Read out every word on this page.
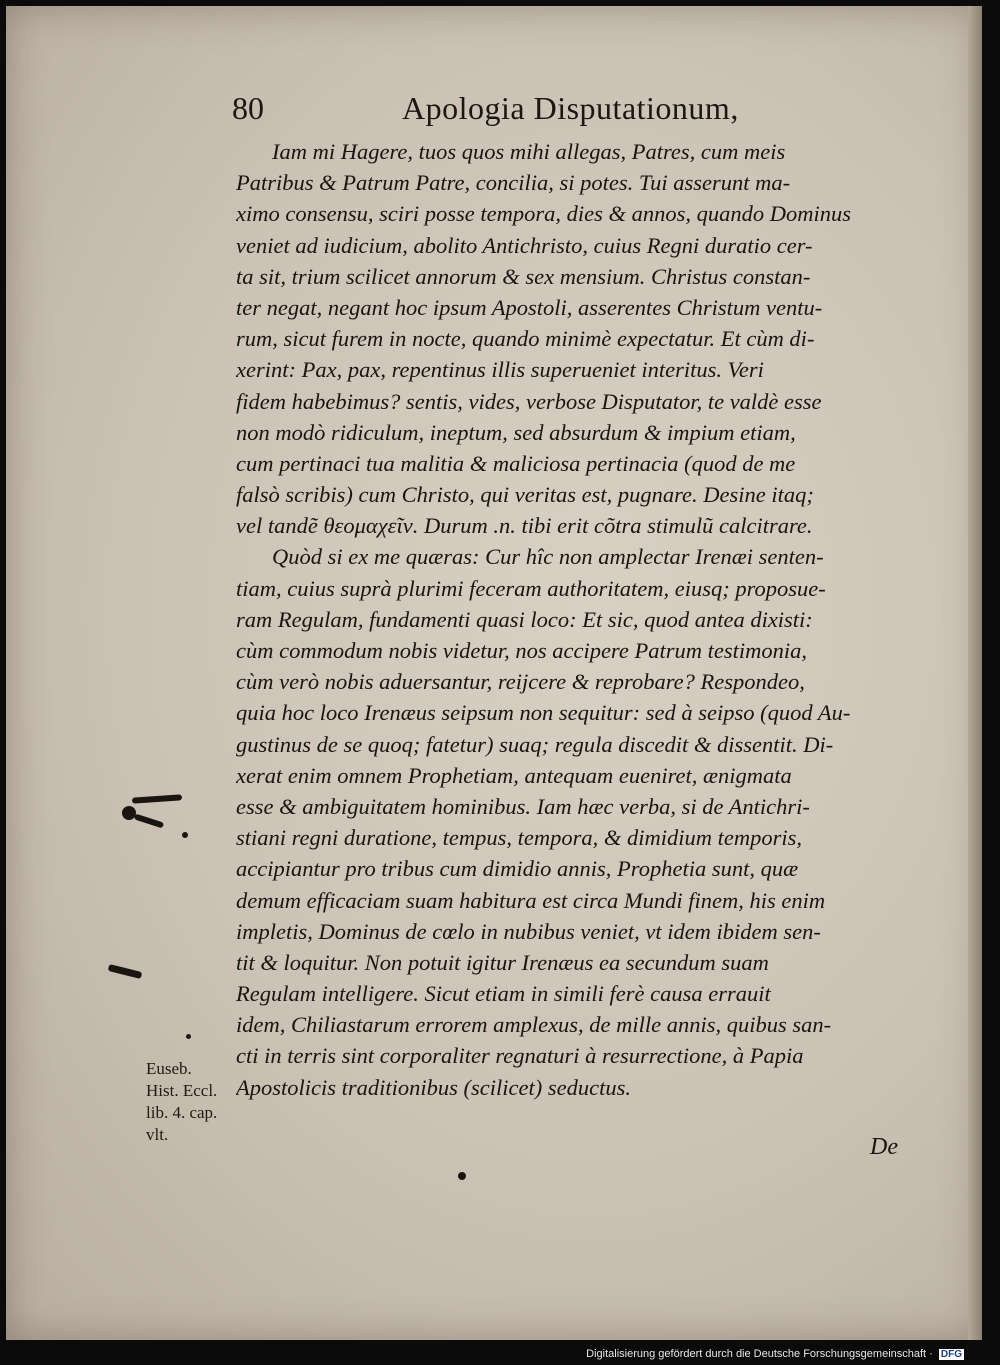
80	Apologia Disputationum,
Iam mi Hagere, tuos quos mihi allegas, Patres, cum meis
Patribus & Patrum Patre, concilia, si potes. Tui asserunt ma-
ximo consensu, sciri posse tempora, dies & annos, quando Dominus
veniet ad iudicium, abolito Antichristo, cuius Regni duratio cer-
ta sit, trium scilicet annorum & sex mensium. Christus constan-
ter negat, negant hoc ipsum Apostoli, asserentes Christum ventu-
rum, sicut furem in nocte, quando minimè expectatur. Et cùm di-
xerint: Pax, pax, repentinus illis superueniet interitus. Veri
fidem habebimus? sentis, vides, verbose Disputator, te valdè esse
non modò ridiculum, ineptum, sed absurdum & impium etiam,
cum pertinaci tua malitia & maliciosa pertinacia (quod de me
falsò scribis) cum Christo, qui veritas est, pugnare. Desine itaq;
vel tandẽ θεομαχεῖν. Durum .n. tibi erit cõtra stimulũ calcitrare.
Quòd si ex me quæras: Cur hîc non amplectar Irenæi senten-
tiam, cuius suprà plurimi feceram authoritatem, eiusq; proposue-
ram Regulam, fundamenti quasi loco: Et sic, quod antea dixisti:
cùm commodum nobis videtur, nos accipere Patrum testimonia,
cùm verò nobis aduersantur, reijcere & reprobare? Respondeo,
quia hoc loco Irenæus seipsum non sequitur: sed à seipso (quod Au-
gustinus de se quoq; fatetur) suaq; regula discedit & dissentit. Di-
xerat enim omnem Prophetiam, antequam eueniret, ænigmata
esse & ambiguitatem hominibus. Iam hæc verba, si de Antichri-
stiani regni duratione, tempus, tempora, & dimidium temporis,
accipiantur pro tribus cum dimidio annis, Prophetia sunt, quæ
demum efficaciam suam habitura est circa Mundi finem, his enim
impletis, Dominus de cœlo in nubibus veniet, vt idem ibidem sen-
tit & loquitur. Non potuit igitur Irenæus ea secundum suam
Regulam intelligere. Sicut etiam in simili ferè causa errauit
idem, Chiliastarum errorem amplexus, de mille annis, quibus san-
cti in terris sint corporaliter regnaturi à resurrectione, à Papia
Apostolicis traditionibus (scilicet) seductus.
Euseb.
Hist. Eccl.
lib. 4. cap.
vlt.	De
Digitalisierung gefördert durch die Deutsche Forschungsgemeinschaft · DFG
